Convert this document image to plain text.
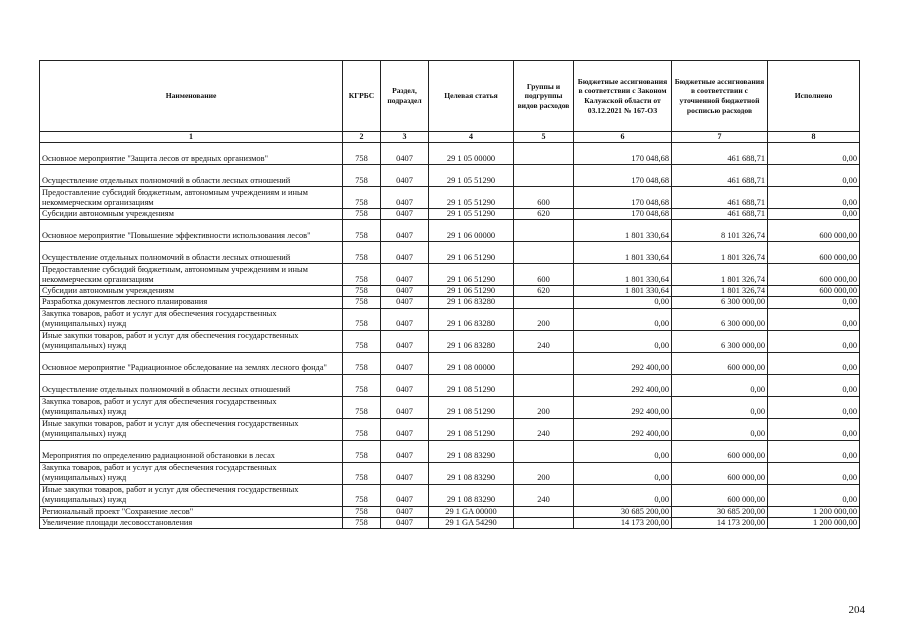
Наименование	КГРБС	Раздел, подраздел	Целевая статья	Группы и подгруппы видов расходов	Бюджетные ассигнования в соответствии с Законом Калужской области от 03.12.2021 № 167-ОЗ	Бюджетные ассигнования в соответствии с уточненной бюджетной росписью расходов	Исполнено
1	2	3	4	5	6	7	8
Основное мероприятие "Защита лесов от вредных организмов"	758	0407	29 1 05 00000		170 048,68	461 688,71	0,00
Осуществление отдельных полномочий в области лесных отношений	758	0407	29 1 05 51290		170 048,68	461 688,71	0,00
Предоставление субсидий бюджетным, автономным учреждениям и иным некоммерческим организациям	758	0407	29 1 05 51290	600	170 048,68	461 688,71	0,00
Субсидии автономным учреждениям	758	0407	29 1 05 51290	620	170 048,68	461 688,71	0,00
Основное мероприятие "Повышение эффективности использования лесов"	758	0407	29 1 06 00000		1 801 330,64	8 101 326,74	600 000,00
Осуществление отдельных полномочий в области лесных отношений	758	0407	29 1 06 51290		1 801 330,64	1 801 326,74	600 000,00
Предоставление субсидий бюджетным, автономным учреждениям и иным некоммерческим организациям	758	0407	29 1 06 51290	600	1 801 330,64	1 801 326,74	600 000,00
Субсидии автономным учреждениям	758	0407	29 1 06 51290	620	1 801 330,64	1 801 326,74	600 000,00
Разработка документов лесного планирования	758	0407	29 1 06 83280		0,00	6 300 000,00	0,00
Закупка товаров, работ и услуг для обеспечения государственных (муниципальных) нужд	758	0407	29 1 06 83280	200	0,00	6 300 000,00	0,00
Иные закупки товаров, работ и услуг для обеспечения государственных (муниципальных) нужд	758	0407	29 1 06 83280	240	0,00	6 300 000,00	0,00
Основное мероприятие "Радиационное обследование на землях лесного фонда"	758	0407	29 1 08 00000		292 400,00	600 000,00	0,00
Осуществление отдельных полномочий в области лесных отношений	758	0407	29 1 08 51290		292 400,00	0,00	0,00
Закупка товаров, работ и услуг для обеспечения государственных (муниципальных) нужд	758	0407	29 1 08 51290	200	292 400,00	0,00	0,00
Иные закупки товаров, работ и услуг для обеспечения государственных (муниципальных) нужд	758	0407	29 1 08 51290	240	292 400,00	0,00	0,00
Мероприятия по определению радиационной обстановки в лесах	758	0407	29 1 08 83290		0,00	600 000,00	0,00
Закупка товаров, работ и услуг для обеспечения государственных (муниципальных) нужд	758	0407	29 1 08 83290	200	0,00	600 000,00	0,00
Иные закупки товаров, работ и услуг для обеспечения государственных (муниципальных) нужд	758	0407	29 1 08 83290	240	0,00	600 000,00	0,00
Региональный проект "Сохранение лесов"	758	0407	29 1 GA 00000		30 685 200,00	30 685 200,00	1 200 000,00
Увеличение площади лесовосстановления	758	0407	29 1 GA 54290		14 173 200,00	14 173 200,00	1 200 000,00
204
